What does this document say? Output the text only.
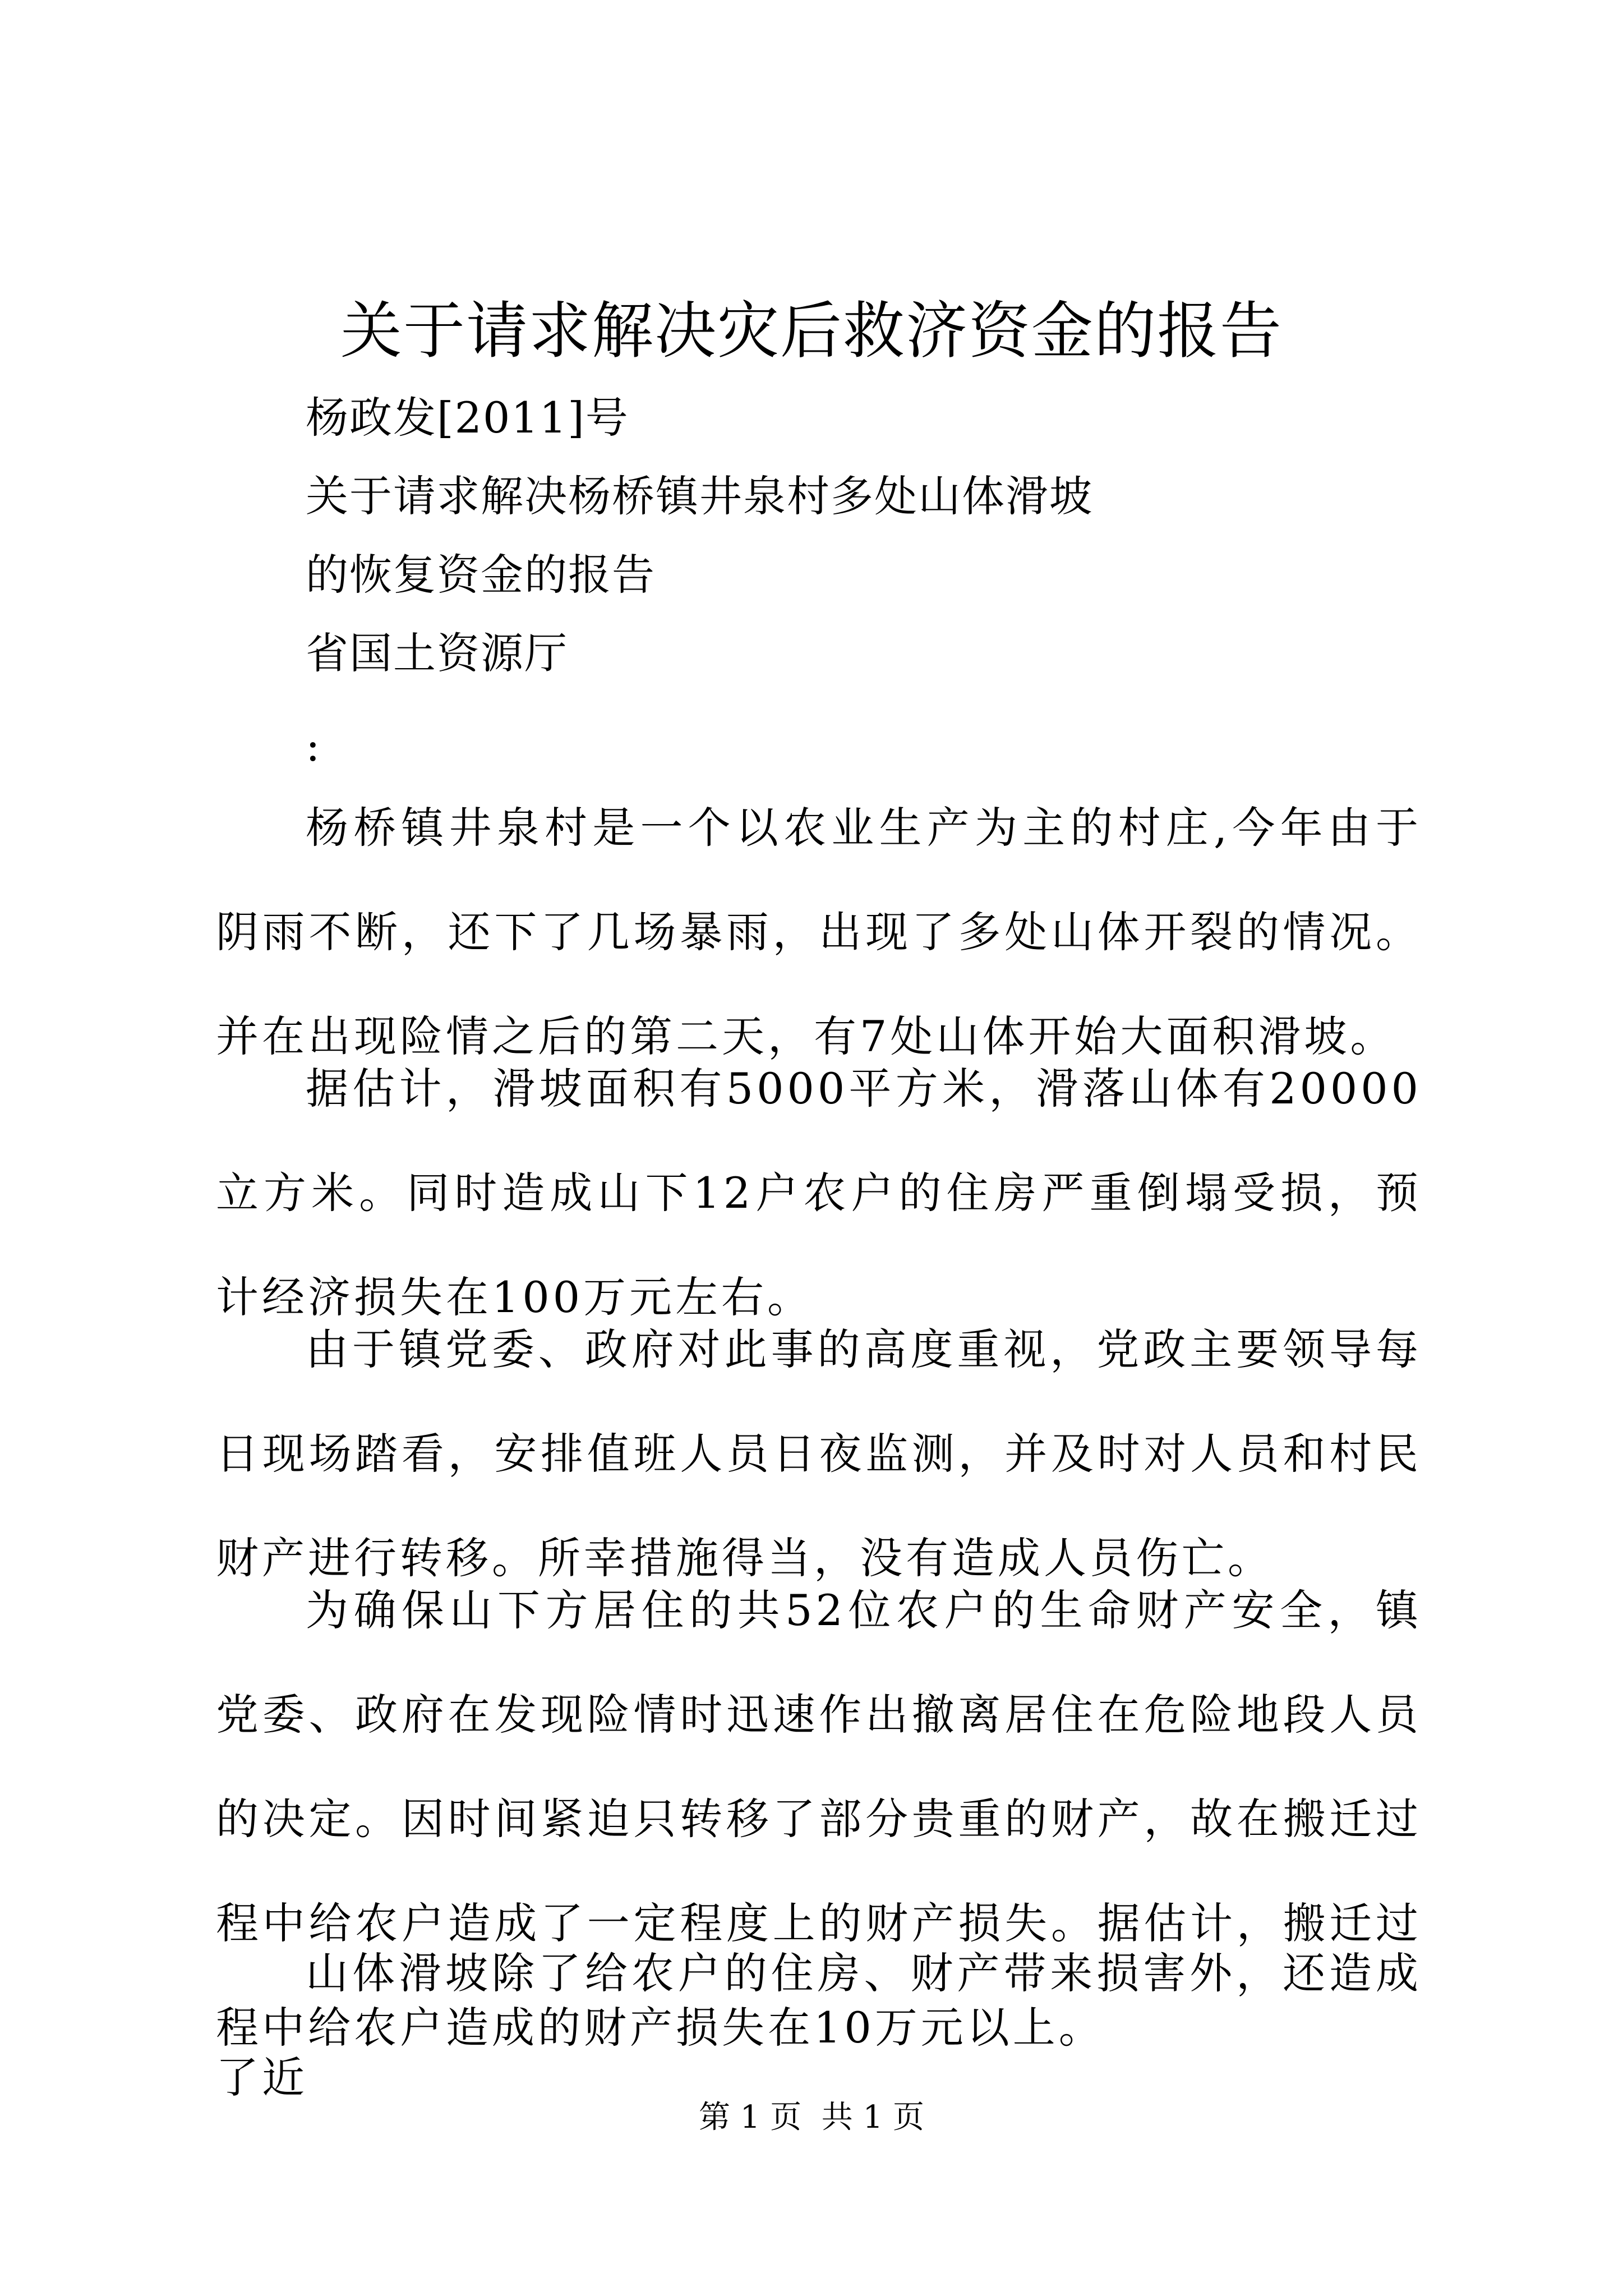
关于请求解决灾后救济资金的报告
杨政发[2011]号
关于请求解决杨桥镇井泉村多处山体滑坡
的恢复资金的报告
省国土资源厅
:

杨桥镇井泉村是一个以农业生产为主的村庄,今年由于阴雨不断，还下了几场暴雨，出现了多处山体开裂的情况。并在出现险情之后的第二天，有7处山体开始大面积滑坡。

据估计，滑坡面积有5000平方米，滑落山体有20000立方米。同时造成山下12户农户的住房严重倒塌受损，预计经济损失在100万元左右。

由于镇党委、政府对此事的高度重视，党政主要领导每日现场踏看，安排值班人员日夜监测，并及时对人员和村民财产进行转移。所幸措施得当，没有造成人员伤亡。

为确保山下方居住的共52位农户的生命财产安全，镇党委、政府在发现险情时迅速作出撤离居住在危险地段人员的决定。因时间紧迫只转移了部分贵重的财产，故在搬迁过程中给农户造成了一定程度上的财产损失。据估计，搬迁过程中给农户造成的财产损失在10万元以上。

山体滑坡除了给农户的住房、财产带来损害外，还造成了近

第 1 页  共 1 页
